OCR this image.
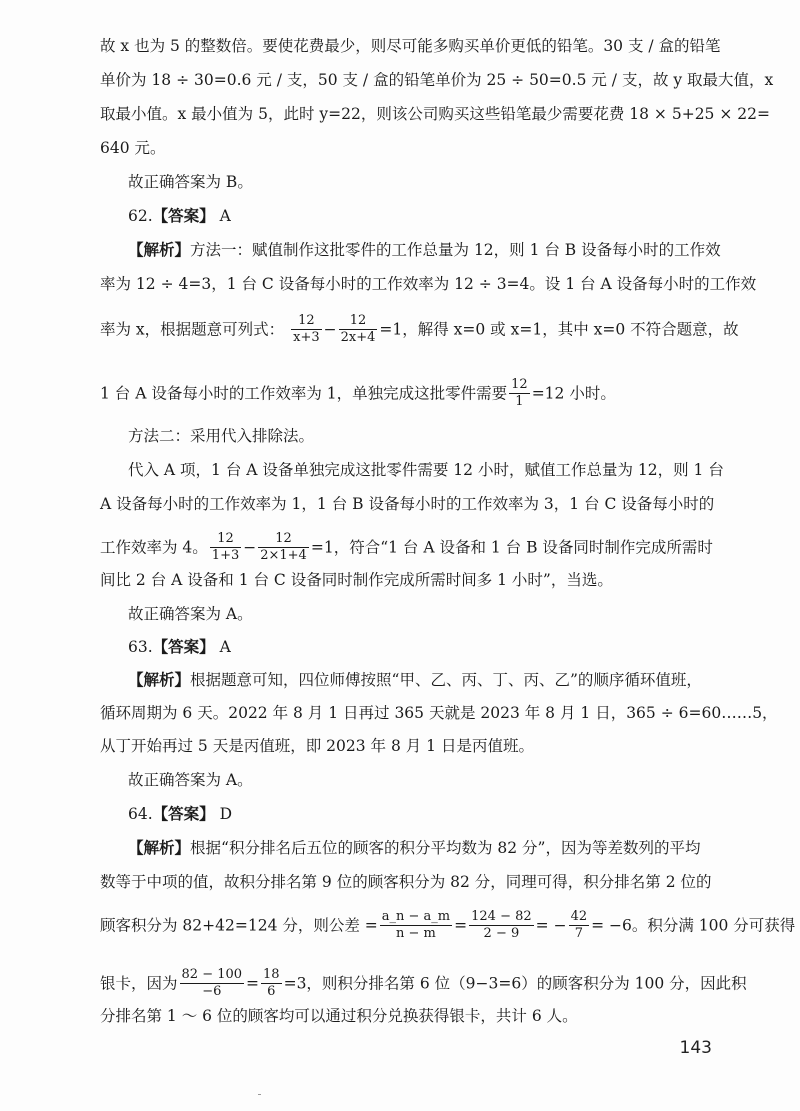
故 x 也为 5 的整数倍。要使花费最少，则尽可能多购买单价更低的铅笔。30 支 / 盒的铅笔
单价为 18 ÷ 30=0.6 元 / 支，50 支 / 盒的铅笔单价为 25 ÷ 50=0.5 元 / 支，故 y 取最大值，x
取最小值。x 最小值为 5，此时 y=22，则该公司购买这些铅笔最少需要花费 18 × 5+25 × 22=
640 元。
故正确答案为 B。
62.【答案】 A
【解析】方法一：赋值制作这批零件的工作总量为 12，则 1 台 B 设备每小时的工作效
率为 12 ÷ 4=3，1 台 C 设备每小时的工作效率为 12 ÷ 3=4。设 1 台 A 设备每小时的工作效
率为 x，根据题意可列式： $\frac{12}{x+3} - \frac{12}{2x+4} =1$，解得 x=0 或 x=1，其中 x=0 不符合题意，故
1 台 A 设备每小时的工作效率为 1，单独完成这批零件需要 $\frac{12}{1} =12$ 小时。
方法二：采用代入排除法。
代入 A 项，1 台 A 设备单独完成这批零件需要 12 小时，赋值工作总量为 12，则 1 台
A 设备每小时的工作效率为 1，1 台 B 设备每小时的工作效率为 3，1 台 C 设备每小时的
工作效率为 4。 $\frac{12}{1+3} - \frac{12}{2\times 1+4} =1$，符合“1 台 A 设备和 1 台 B 设备同时制作完成所需时
间比 2 台 A 设备和 1 台 C 设备同时制作完成所需时间多 1 小时”，当选。
故正确答案为 A。
63.【答案】 A
【解析】根据题意可知，四位师傅按照“甲、乙、丙、丁、丙、乙”的顺序循环值班，
循环周期为 6 天。2022 年 8 月 1 日再过 365 天就是 2023 年 8 月 1 日，365 ÷ 6=60……5，
从丁开始再过 5 天是丙值班，即 2023 年 8 月 1 日是丙值班。
故正确答案为 A。
64.【答案】 D
【解析】根据“积分排名后五位的顾客的积分平均数为 82 分”，因为等差数列的平均
数等于中项的值，故积分排名第 9 位的顾客积分为 82 分，同理可得，积分排名第 2 位的
顾客积分为 82+42=124 分，则公差 = $\frac{a\_n - a\_m}{n - m} = \frac{124 - 82}{2 - 9}$ = − $\frac{42}{7} = -6$。积分满 100 分可获得
银卡，因为 $\frac{82 - 100}{-6} = \frac{18}{6} =3$，则积分排名第 6 位（9−3=6）的顾客积分为 100 分，因此积
分排名第 1 ～ 6 位的顾客均可以通过积分兑换获得银卡，共计 6 人。
143
